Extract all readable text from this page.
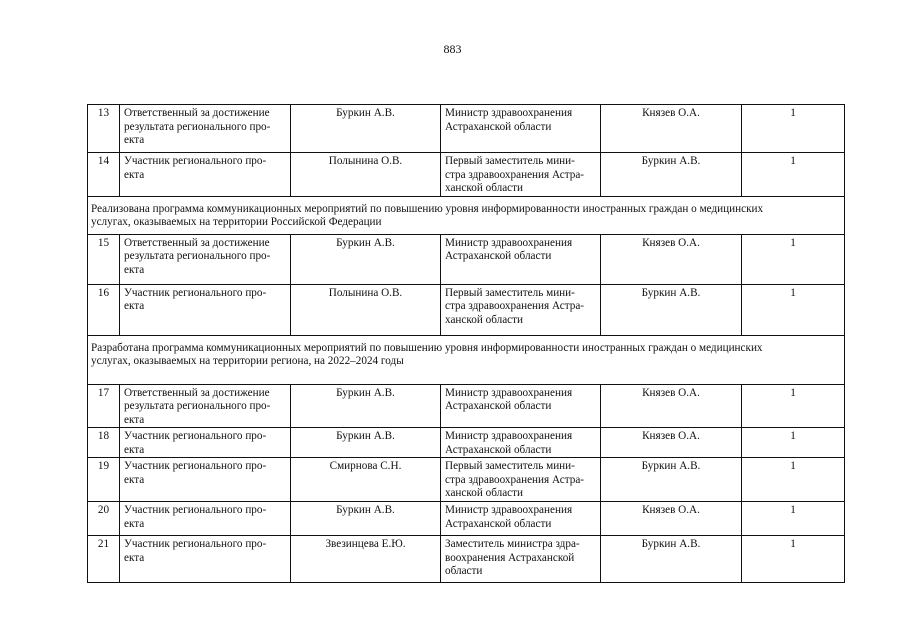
883
13	Ответственный за достижение
результата регионального про-
екта	Буркин А.В.	Министр здравоохранения
Астраханской области	Князев О.А.	1
14	Участник регионального про-
екта	Полынина О.В.	Первый заместитель мини-
стра здравоохранения Астра-
ханской области	Буркин А.В.	1
Реализована программа коммуникационных мероприятий по повышению уровня информированности иностранных граждан о медицинских
услугах, оказываемых на территории Российской Федерации					
15	Ответственный за достижение
результата регионального про-
екта	Буркин А.В.	Министр здравоохранения
Астраханской области	Князев О.А.	1
16	Участник регионального про-
екта	Полынина О.В.	Первый заместитель мини-
стра здравоохранения Астра-
ханской области	Буркин А.В.	1
Разработана программа коммуникационных мероприятий по повышению уровня информированности иностранных граждан о медицинских
услугах, оказываемых на территории региона, на 2022–2024 годы					
17	Ответственный за достижение
результата регионального про-
екта	Буркин А.В.	Министр здравоохранения
Астраханской области	Князев О.А.	1
18	Участник регионального про-
екта	Буркин А.В.	Министр здравоохранения
Астраханской области	Князев О.А.	1
19	Участник регионального про-
екта	Смирнова С.Н.	Первый заместитель мини-
стра здравоохранения Астра-
ханской области	Буркин А.В.	1
20	Участник регионального про-
екта	Буркин А.В.	Министр здравоохранения
Астраханской области	Князев О.А.	1
21	Участник регионального про-
екта	Звезинцева Е.Ю.	Заместитель министра здра-
воохранения Астраханской
области	Буркин А.В.	1
